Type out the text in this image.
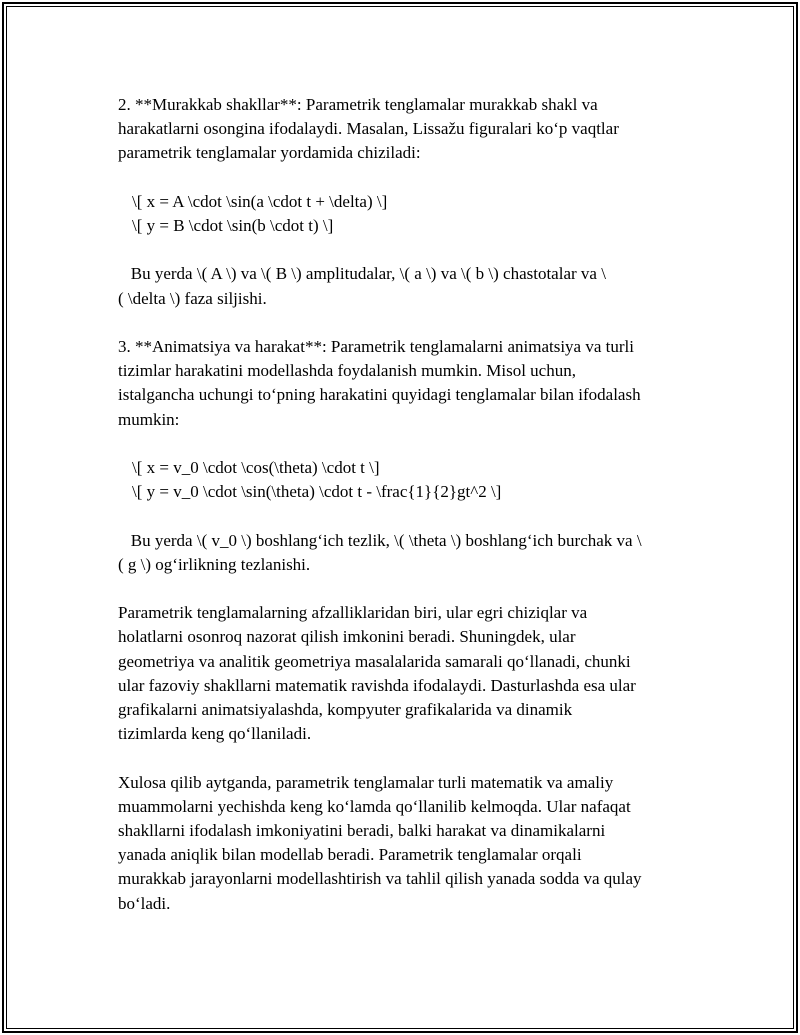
2. **Murakkab shakllar**: Parametrik tenglamalar murakkab shakl va
harakatlarni osongina ifodalaydi. Masalan, Lissažu figuralari ko‘p vaqtlar
parametrik tenglamalar yordamida chiziladi:
\[ x = A \cdot \sin(a \cdot t + \delta) \]
\[ y = B \cdot \sin(b \cdot t) \]
Bu yerda \( A \) va \( B \) amplitudalar, \( a \) va \( b \) chastotalar va \
( \delta \) faza siljishi.
3. **Animatsiya va harakat**: Parametrik tenglamalarni animatsiya va turli
tizimlar harakatini modellashda foydalanish mumkin. Misol uchun,
istalgancha uchungi to‘pning harakatini quyidagi tenglamalar bilan ifodalash
mumkin:
\[ x = v_0 \cdot \cos(\theta) \cdot t \]
\[ y = v_0 \cdot \sin(\theta) \cdot t - \frac{1}{2}gt^2 \]
Bu yerda \( v_0 \) boshlang‘ich tezlik, \( \theta \) boshlang‘ich burchak va \
( g \) og‘irlikning tezlanishi.
Parametrik tenglamalarning afzalliklaridan biri, ular egri chiziqlar va
holatlarni osonroq nazorat qilish imkonini beradi. Shuningdek, ular
geometriya va analitik geometriya masalalarida samarali qo‘llanadi, chunki
ular fazoviy shakllarni matematik ravishda ifodalaydi. Dasturlashda esa ular
grafikalarni animatsiyalashda, kompyuter grafikalarida va dinamik
tizimlarda keng qo‘llaniladi.
Xulosa qilib aytganda, parametrik tenglamalar turli matematik va amaliy
muammolarni yechishda keng ko‘lamda qo‘llanilib kelmoqda. Ular nafaqat
shakllarni ifodalash imkoniyatini beradi, balki harakat va dinamikalarni
yanada aniqlik bilan modellab beradi. Parametrik tenglamalar orqali
murakkab jarayonlarni modellashtirish va tahlil qilish yanada sodda va qulay
bo‘ladi.
